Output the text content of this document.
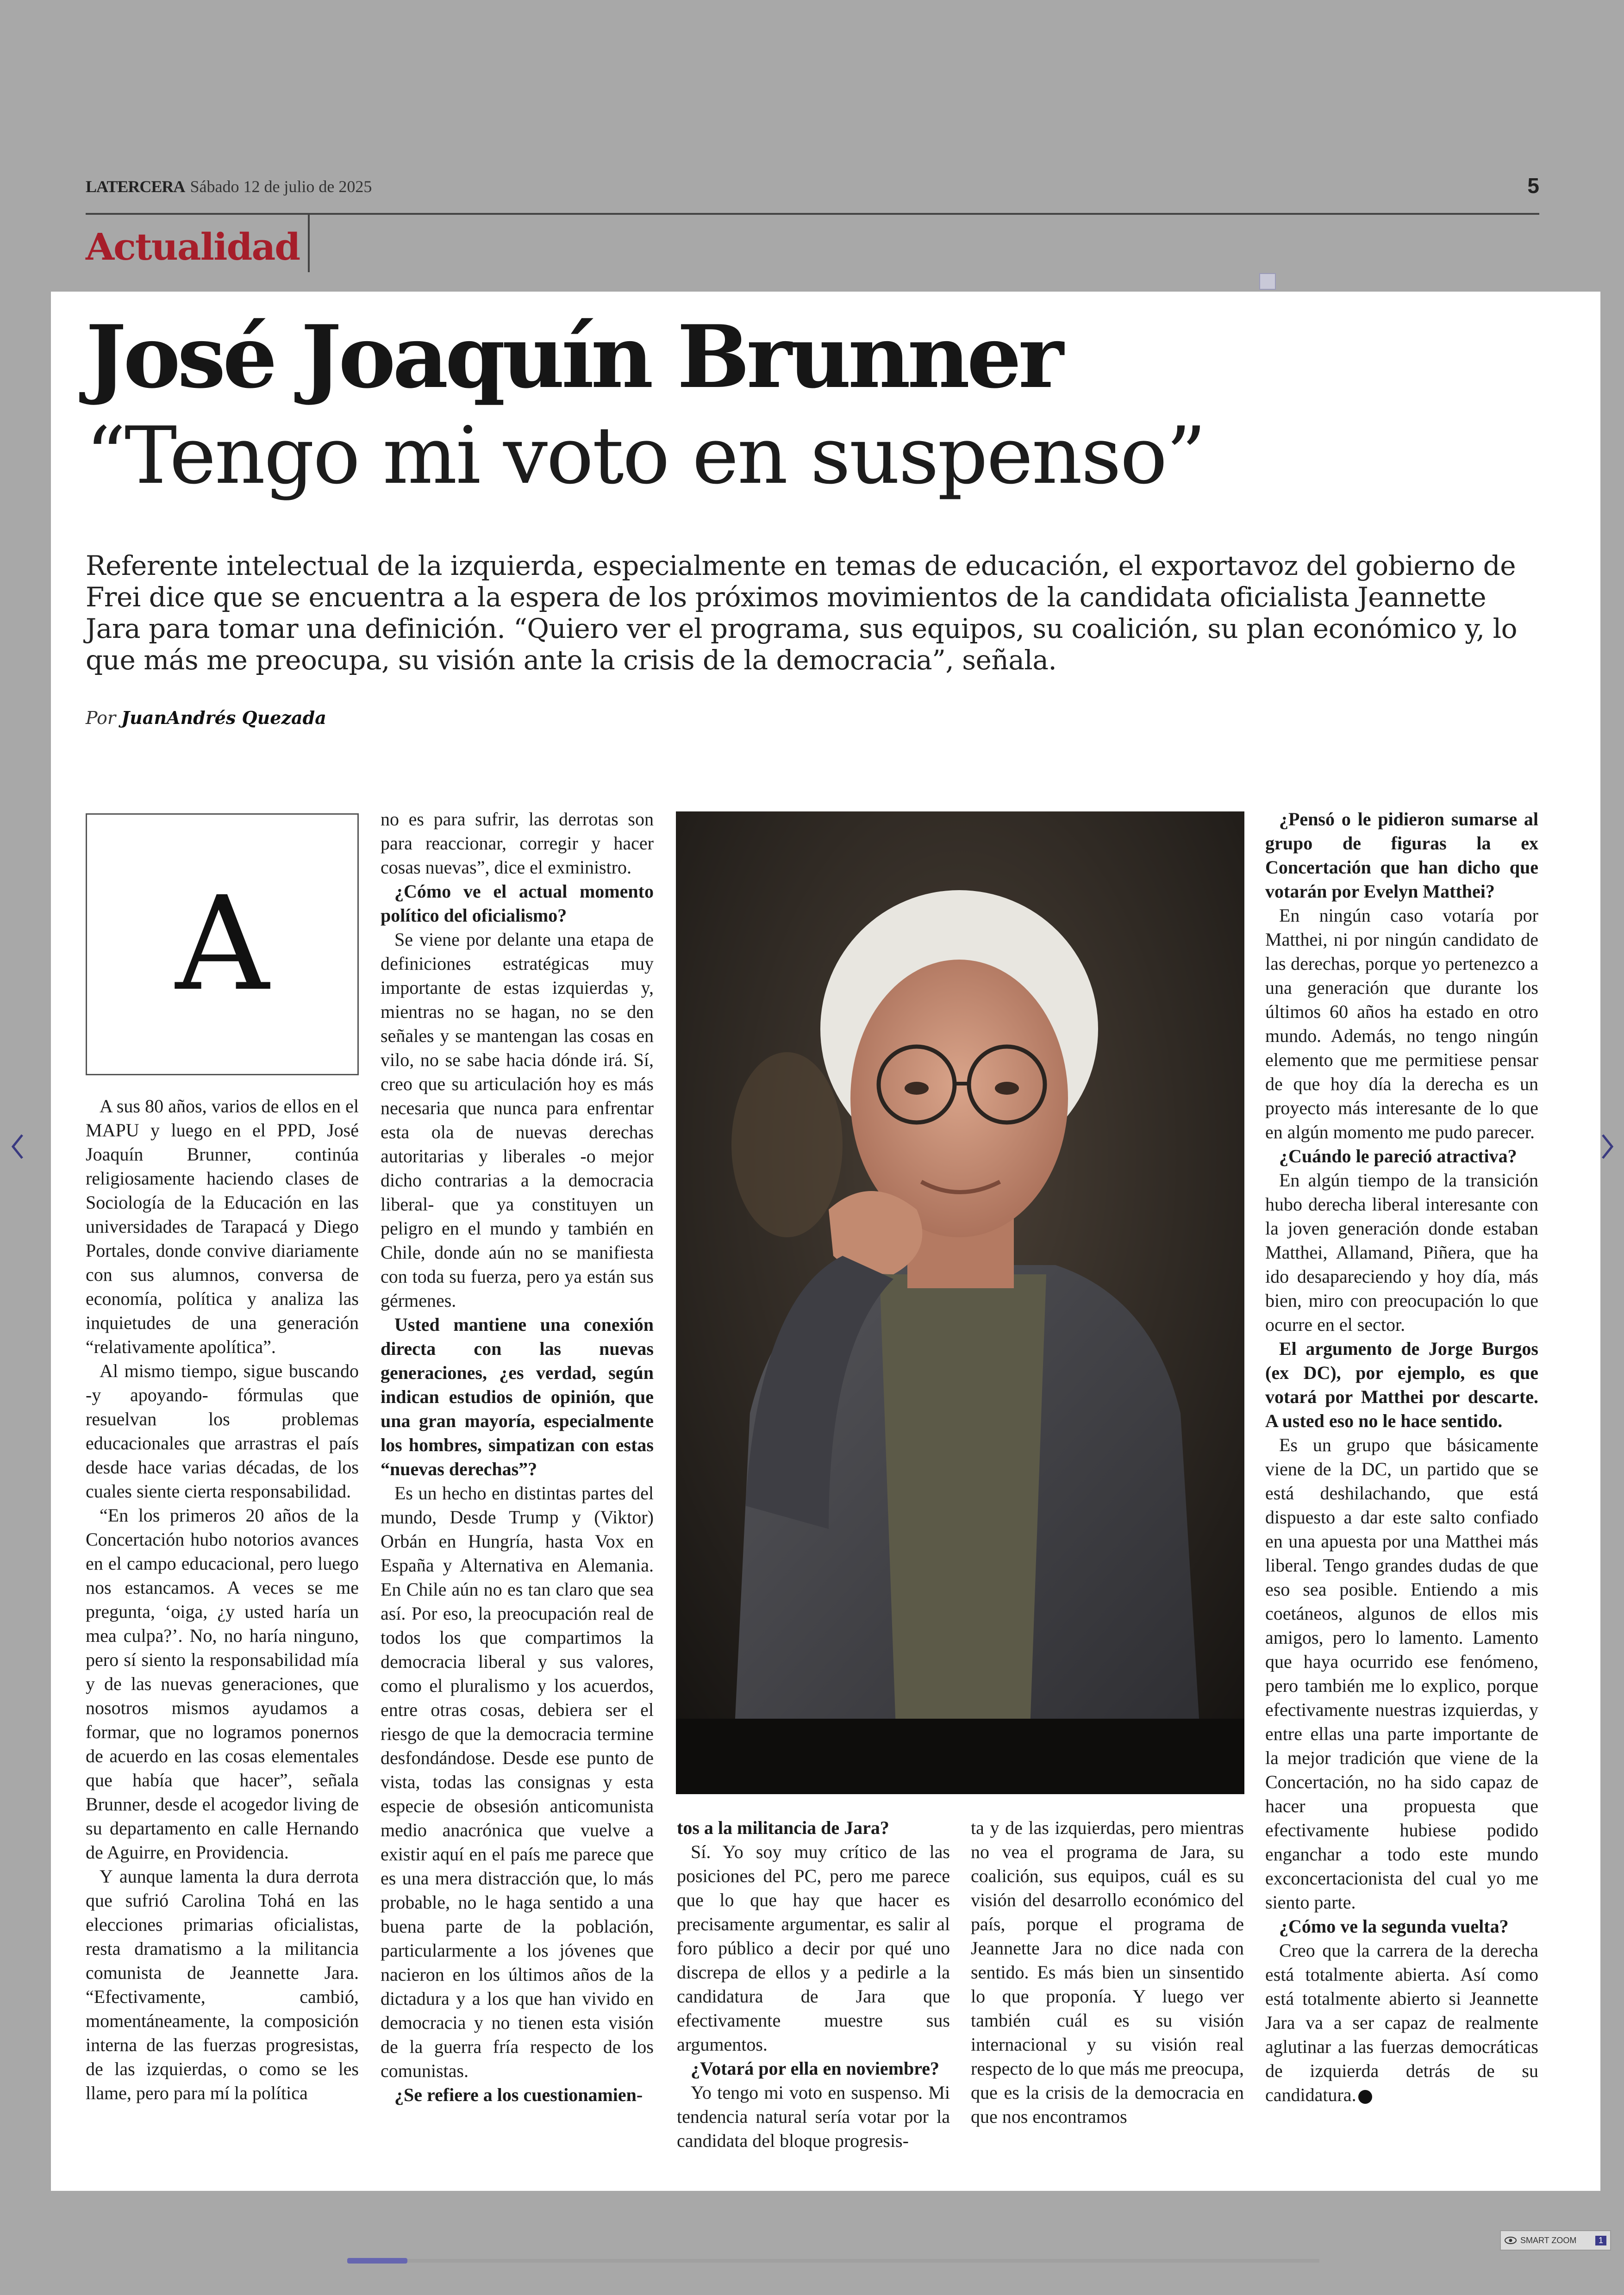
LATERCERA Sábado 12 de julio de 2025	5
Actualidad
José Joaquín Brunner
“Tengo mi voto en suspenso”
Referente intelectual de la izquierda, especialmente en temas de educación, el exportavoz del gobierno de Frei dice que se encuentra a la espera de los próximos movimientos de la candidata oficialista Jeannette Jara para tomar una definición. “Quiero ver el programa, sus equipos, su coalición, su plan económico y, lo que más me preocupa, su visión ante la crisis de la democracia”, señala.
Por JuanAndrés Quezada
A

A sus 80 años, varios de ellos en el MAPU y luego en el PPD, José Joaquín Brunner, continúa religiosamente haciendo clases de Sociología de la Educación en las universidades de Tarapacá y Diego Portales, donde convive diariamente con sus alumnos, conversa de economía, política y analiza las inquietudes de una generación “relativamente apolítica”.

Al mismo tiempo, sigue buscando -y apoyando- fórmulas que resuelvan los problemas educacionales que arrastras el país desde hace varias décadas, de los cuales siente cierta responsabilidad.

“En los primeros 20 años de la Concertación hubo notorios avances en el campo educacional, pero luego nos estancamos. A veces se me pregunta, ‘oiga, ¿y usted haría un mea culpa?’. No, no haría ninguno, pero sí siento la responsabilidad mía y de las nuevas generaciones, que nosotros mismos ayudamos a formar, que no logramos ponernos de acuerdo en las cosas elementales que había que hacer”, señala Brunner, desde el acogedor living de su departamento en calle Hernando de Aguirre, en Providencia.

Y aunque lamenta la dura derrota que sufrió Carolina Tohá en las elecciones primarias oficialistas, resta dramatismo a la militancia comunista de Jeannette Jara. “Efectivamente, cambió, momentáneamente, la composición interna de las fuerzas progresistas, de las izquierdas, o como se les llame, pero para mí la política

no es para sufrir, las derrotas son para reaccionar, corregir y hacer cosas nuevas”, dice el exministro.

¿Cómo ve el actual momento político del oficialismo?

Se viene por delante una etapa de definiciones estratégicas muy importante de estas izquierdas y, mientras no se hagan, no se den señales y se mantengan las cosas en vilo, no se sabe hacia dónde irá. Sí, creo que su articulación hoy es más necesaria que nunca para enfrentar esta ola de nuevas derechas autoritarias y liberales -o mejor dicho contrarias a la democracia liberal- que ya constituyen un peligro en el mundo y también en Chile, donde aún no se manifiesta con toda su fuerza, pero ya están sus gérmenes.

Usted mantiene una conexión directa con las nuevas generaciones, ¿es verdad, según indican estudios de opinión, que una gran mayoría, especialmente los hombres, simpatizan con estas “nuevas derechas”?

Es un hecho en distintas partes del mundo, Desde Trump y (Viktor) Orbán en Hungría, hasta Vox en España y Alternativa en Alemania. En Chile aún no es tan claro que sea así. Por eso, la preocupación real de todos los que compartimos la democracia liberal y sus valores, como el pluralismo y los acuerdos, entre otras cosas, debiera ser el riesgo de que la democracia termine desfondándose. Desde ese punto de vista, todas las consignas y esta especie de obsesión anticomunista medio anacrónica que vuelve a existir aquí en el país me parece que es una mera distracción que, lo más probable, no le haga sentido a una buena parte de la población, particularmente a los jóvenes que nacieron en los últimos años de la dictadura y a los que han vivido en democracia y no tienen esta visión de la guerra fría respecto de los comunistas.

¿Se refiere a los cuestionamien-

tos a la militancia de Jara?

Sí. Yo soy muy crítico de las posiciones del PC, pero me parece que lo que hay que hacer es precisamente argumentar, es salir al foro público a decir por qué uno discrepa de ellos y a pedirle a la candidatura de Jara que efectivamente muestre sus argumentos.

¿Votará por ella en noviembre?

Yo tengo mi voto en suspenso. Mi tendencia natural sería votar por la candidata del bloque progresis-

ta y de las izquierdas, pero mientras no vea el programa de Jara, su coalición, sus equipos, cuál es su visión del desarrollo económico del país, porque el programa de Jeannette Jara no dice nada con sentido. Es más bien un sinsentido lo que proponía. Y luego ver también cuál es su visión internacional y su visión real respecto de lo que más me preocupa, que es la crisis de la democracia en que nos encontramos

¿Pensó o le pidieron sumarse al grupo de figuras la ex Concertación que han dicho que votarán por Evelyn Matthei?

En ningún caso votaría por Matthei, ni por ningún candidato de las derechas, porque yo pertenezco a una generación que durante los últimos 60 años ha estado en otro mundo. Además, no tengo ningún elemento que me permitiese pensar de que hoy día la derecha es un proyecto más interesante de lo que en algún momento me pudo parecer.

¿Cuándo le pareció atractiva?

En algún tiempo de la transición hubo derecha liberal interesante con la joven generación donde estaban Matthei, Allamand, Piñera, que ha ido desapareciendo y hoy día, más bien, miro con preocupación lo que ocurre en el sector.

El argumento de Jorge Burgos (ex DC), por ejemplo, es que votará por Matthei por descarte. A usted eso no le hace sentido.

Es un grupo que básicamente viene de la DC, un partido que se está deshilachando, que está dispuesto a dar este salto confiado en una apuesta por una Matthei más liberal. Tengo grandes dudas de que eso sea posible. Entiendo a mis coetáneos, algunos de ellos mis amigos, pero lo lamento. Lamento que haya ocurrido ese fenómeno, pero también me lo explico, porque efectivamente nuestras izquierdas, y entre ellas una parte importante de la mejor tradición que viene de la Concertación, no ha sido capaz de hacer una propuesta que efectivamente hubiese podido enganchar a todo este mundo exconcertacionista del cual yo me siento parte.

¿Cómo ve la segunda vuelta?

Creo que la carrera de la derecha está totalmente abierta. Así como está totalmente abierto si Jeannette Jara va a ser capaz de realmente aglutinar a las fuerzas democráticas de izquierda detrás de su candidatura.

SMART ZOOM	1
